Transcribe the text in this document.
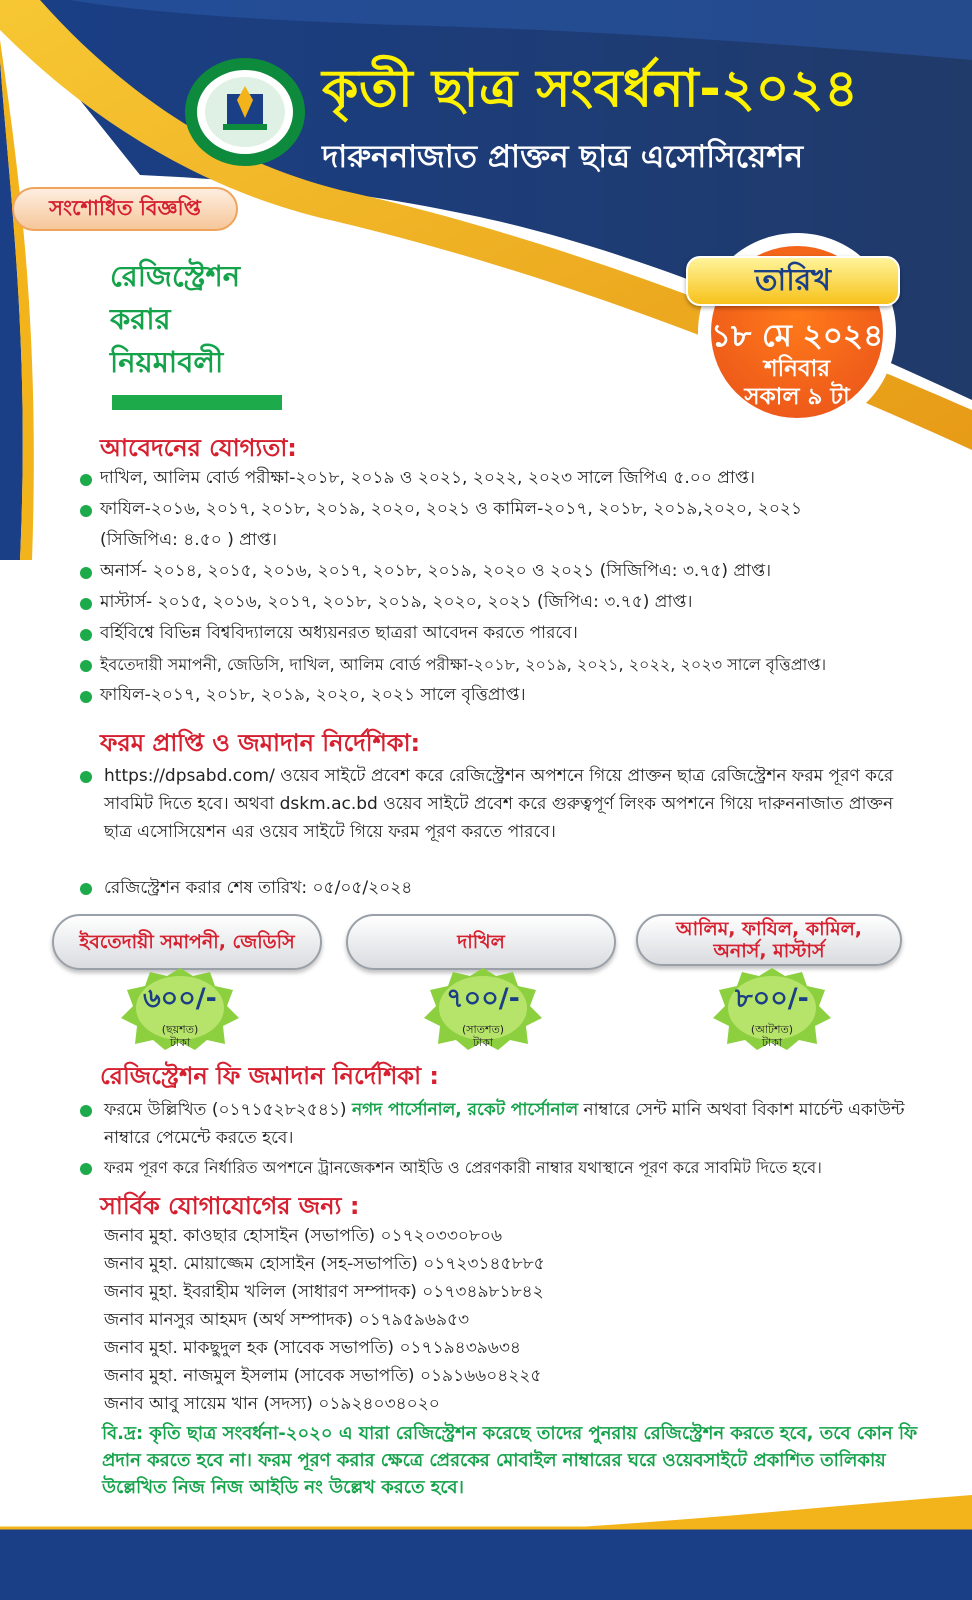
কৃতী ছাত্র সংবর্ধনা-২০২৪
দারুননাজাত প্রাক্তন ছাত্র এসোসিয়েশন
সংশোধিত বিজ্ঞপ্তি
রেজিস্ট্রেশন
করার
নিয়মাবলী
তারিখ
১৮ মে ২০২৪
শনিবার
সকাল ৯ টা
আবেদনের যোগ্যতা:
দাখিল, আলিম বোর্ড পরীক্ষা-২০১৮, ২০১৯ ও ২০২১, ২০২২, ২০২৩ সালে জিপিএ ৫.০০ প্রাপ্ত।
ফাযিল-২০১৬, ২০১৭, ২০১৮, ২০১৯, ২০২০, ২০২১ ও কামিল-২০১৭, ২০১৮, ২০১৯,২০২০, ২০২১
(সিজিপিএ: ৪.৫০ ) প্রাপ্ত।
অনার্স- ২০১৪, ২০১৫, ২০১৬, ২০১৭, ২০১৮, ২০১৯, ২০২০ ও ২০২১ (সিজিপিএ: ৩.৭৫) প্রাপ্ত।
মাস্টার্স- ২০১৫, ২০১৬, ২০১৭, ২০১৮, ২০১৯, ২০২০, ২০২১ (জিপিএ: ৩.৭৫) প্রাপ্ত।
বর্হিবিশ্বে বিভিন্ন বিশ্ববিদ্যালয়ে অধ্যয়নরত ছাত্ররা আবেদন করতে পারবে।
ইবতেদায়ী সমাপনী, জেডিসি, দাখিল, আলিম বোর্ড পরীক্ষা-২০১৮, ২০১৯, ২০২১, ২০২২, ২০২৩ সালে বৃত্তিপ্রাপ্ত।
ফাযিল-২০১৭, ২০১৮, ২০১৯, ২০২০, ২০২১ সালে বৃত্তিপ্রাপ্ত।
ফরম প্রাপ্তি ও জমাদান নির্দেশিকা:
https://dpsabd.com/ ওয়েব সাইটে প্রবেশ করে রেজিস্ট্রেশন অপশনে গিয়ে প্রাক্তন ছাত্র রেজিস্ট্রেশন ফরম পূরণ করে সাবমিট দিতে হবে। অথবা dskm.ac.bd ওয়েব সাইটে প্রবেশ করে গুরুত্বপূর্ণ লিংক অপশনে গিয়ে দারুননাজাত প্রাক্তন ছাত্র এসোসিয়েশন এর ওয়েব সাইটে গিয়ে ফরম পূরণ করতে পারবে।
রেজিস্ট্রেশন করার শেষ তারিখ: ০৫/০৫/২০২৪
ইবতেদায়ী সমাপনী, জেডিসি	দাখিল
আলিম, ফাযিল, কামিল, অনার্স, মাস্টার্স
৬০০/-
(ছয়শত)
টাকা
৭০০/-
(সাতশত)
টাকা
৮০০/-
(আটশত)
টাকা
রেজিস্ট্রেশন ফি জমাদান নির্দেশিকা :
ফরমে উল্লিখিত (০১৭১৫২৮২৫৪১) নগদ পার্সোনাল, রকেট পার্সোনাল নাম্বারে সেন্ট মানি অথবা বিকাশ মার্চেন্ট একাউন্ট নাম্বারে পেমেন্টে করতে হবে।
ফরম পূরণ করে নির্ধারিত অপশনে ট্রানজেকশন আইডি ও প্রেরণকারী নাম্বার যথাস্থানে পূরণ করে সাবমিট দিতে হবে।
সার্বিক যোগাযোগের জন্য :
জনাব মুহা. কাওছার হোসাইন (সভাপতি) ০১৭২০৩৩০৮০৬
জনাব মুহা. মোয়াজ্জেম হোসাইন (সহ-সভাপতি) ০১৭২৩১৪৫৮৮৫
জনাব মুহা. ইবরাহীম খলিল (সাধারণ সম্পাদক) ০১৭৩৪৯৮১৮৪২
জনাব মানসুর আহমদ (অর্থ সম্পাদক) ০১৭৯৫৯৬৯৫৩
জনাব মুহা. মাকছুদুল হক (সাবেক সভাপতি) ০১৭১৯৪৩৯৬৩৪
জনাব মুহা. নাজমুল ইসলাম (সাবেক সভাপতি) ০১৯১৬৬০৪২২৫
জনাব আবু সায়েম খান (সদস্য) ০১৯২৪০৩৪০২০
বি.দ্র: কৃতি ছাত্র সংবর্ধনা-২০২০ এ যারা রেজিস্ট্রেশন করেছে তাদের পুনরায় রেজিস্ট্রেশন করতে হবে, তবে কোন ফি প্রদান করতে হবে না। ফরম পূরণ করার ক্ষেত্রে প্রেরকের মোবাইল নাম্বারের ঘরে ওয়েবসাইটে প্রকাশিত তালিকায় উল্লেখিত নিজ নিজ আইডি নং উল্লেখ করতে হবে।
